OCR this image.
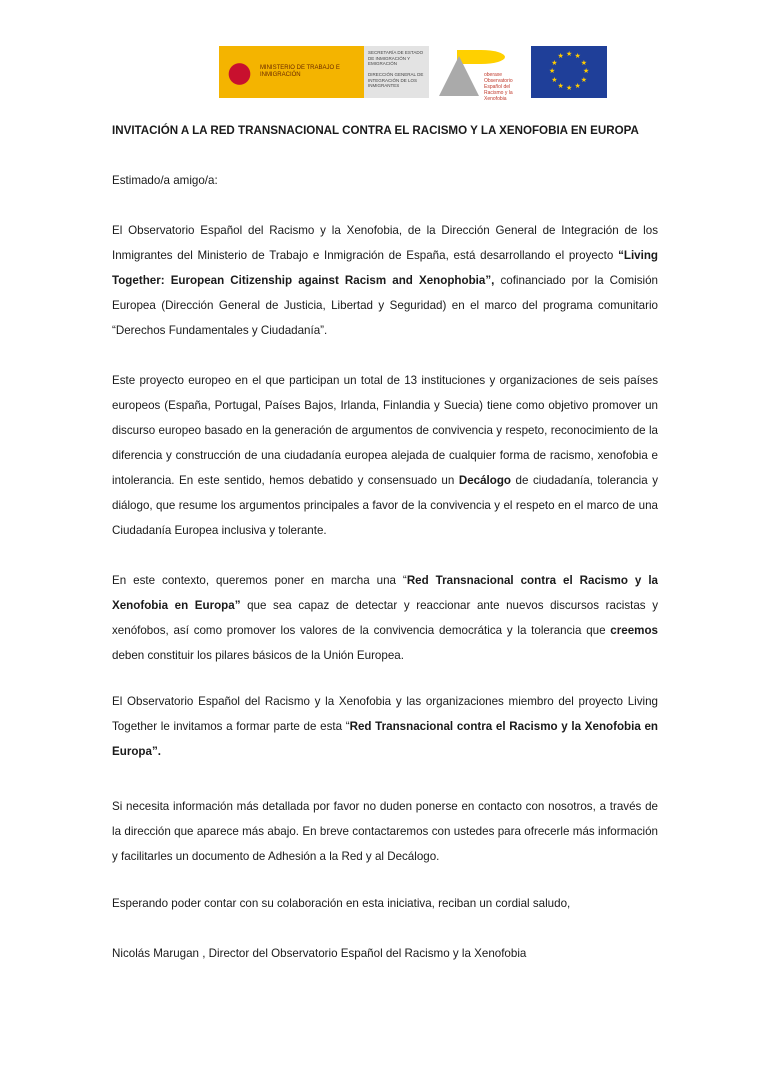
MINISTERIO DE TRABAJO E INMIGRACIÓN
SECRETARÍA DE ESTADO DE INMIGRACIÓN Y EMIGRACIÓN

DIRECCIÓN GENERAL DE INTEGRACIÓN DE LOS INMIGRANTES
oberaxe Observatorio Español del Racismo y la Xenofobia
★
★
★
★
★
★
★
★
★ ★ ★
★

INVITACIÓN A LA RED TRANSNACIONAL CONTRA EL RACISMO Y LA XENOFOBIA EN EUROPA

Estimado/a amigo/a:

El Observatorio Español del Racismo y la Xenofobia, de la Dirección General de Integración de los Inmigrantes del Ministerio de Trabajo e Inmigración de España, está desarrollando el proyecto “Living Together: European Citizenship against Racism and Xenophobia”, cofinanciado por la Comisión Europea (Dirección General de Justicia, Libertad y Seguridad) en el marco del programa comunitario “Derechos Fundamentales y Ciudadanía”.

Este proyecto europeo en el que participan un total de 13 instituciones y organizaciones de seis países europeos (España, Portugal, Países Bajos, Irlanda, Finlandia y Suecia) tiene como objetivo promover un discurso europeo basado en la generación de argumentos de convivencia y respeto, reconocimiento de la diferencia y construcción de una ciudadanía europea alejada de cualquier forma de racismo, xenofobia e intolerancia. En este sentido, hemos debatido y consensuado un Decálogo de ciudadanía, tolerancia y diálogo, que resume los argumentos principales a favor de la convivencia y el respeto en el marco de una Ciudadanía Europea inclusiva y tolerante.

En este contexto, queremos poner en marcha una “Red Transnacional contra el Racismo y la Xenofobia en Europa” que sea capaz de detectar y reaccionar ante nuevos discursos racistas y xenófobos, así como promover los valores de la convivencia democrática y la tolerancia que creemos deben constituir los pilares básicos de la Unión Europea.

El Observatorio Español del Racismo y la Xenofobia y las organizaciones miembro del proyecto Living Together le invitamos a formar parte de esta “Red Transnacional contra el Racismo y la Xenofobia en Europa”.

Si necesita información más detallada por favor no duden ponerse en contacto con nosotros, a través de la dirección que aparece más abajo. En breve contactaremos con ustedes para ofrecerle más información y facilitarles un documento de Adhesión a la Red y al Decálogo.

Esperando poder contar con su colaboración en esta iniciativa, reciban un cordial saludo,

Nicolás Marugan , Director del Observatorio Español del Racismo y la Xenofobia
